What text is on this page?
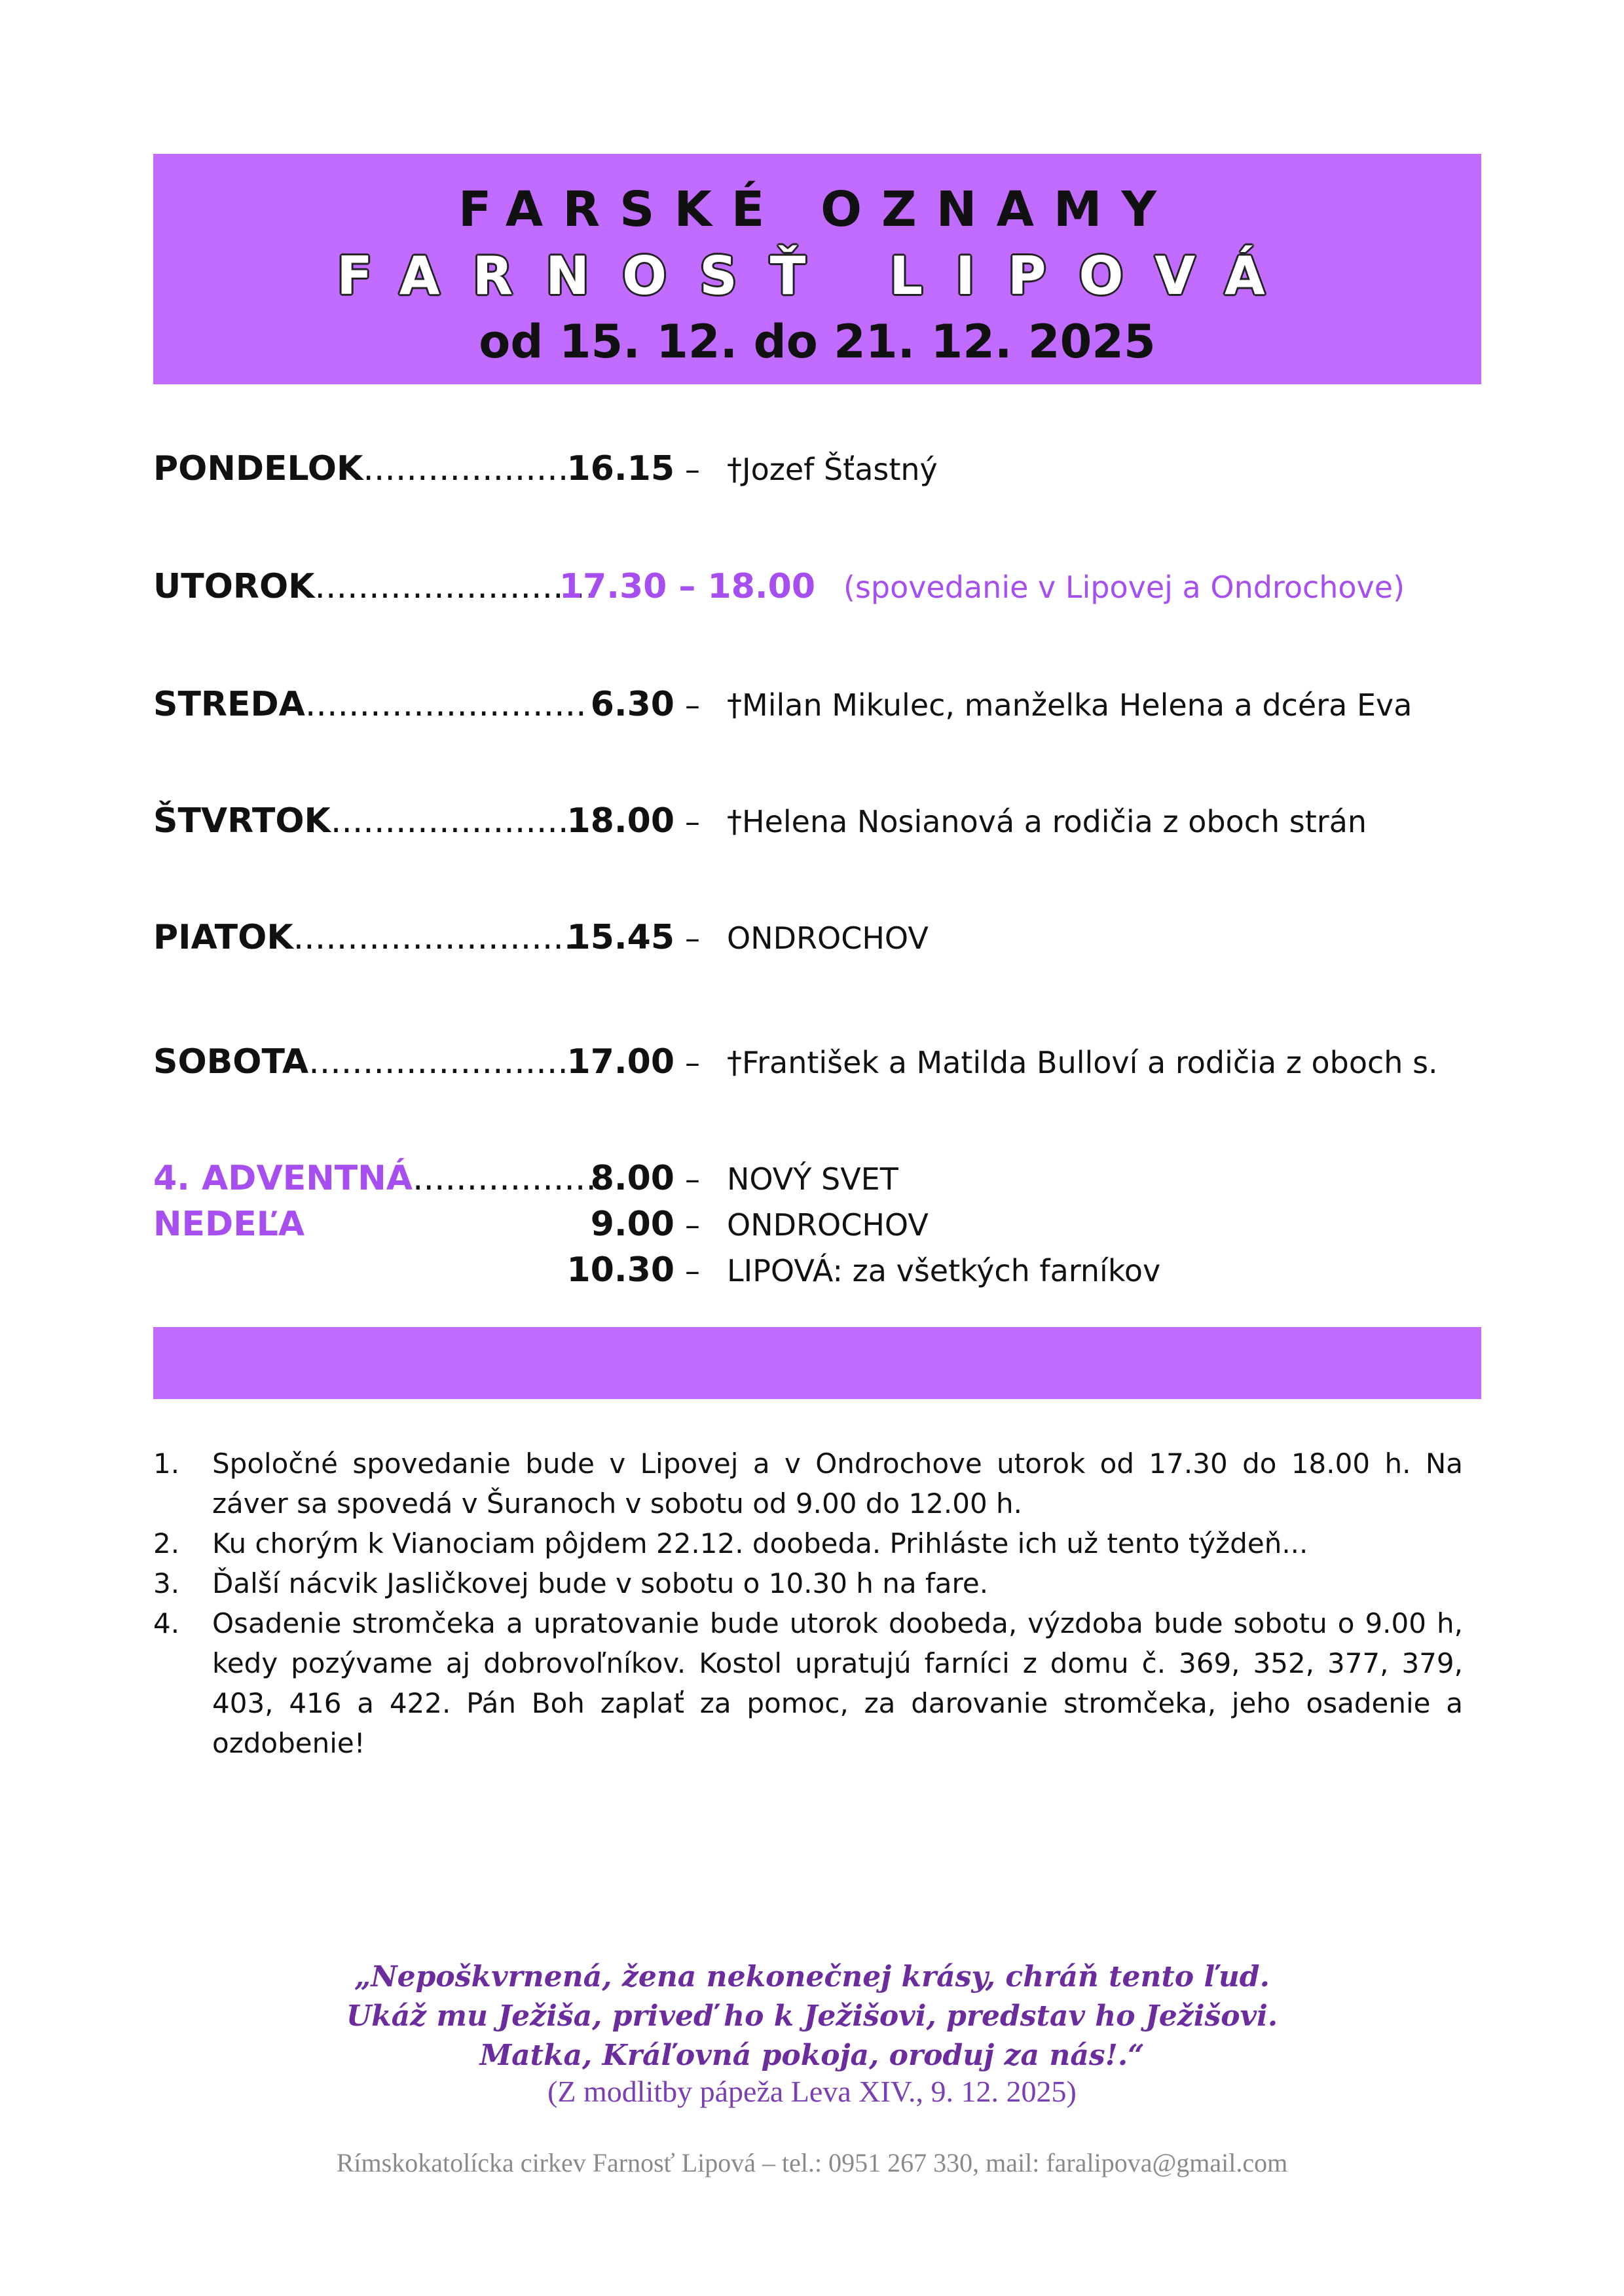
FARSKÉ OZNAMY
FARNOSŤ LIPOVÁ
od 15. 12. do 21. 12. 2025
PONDELOK.....................
16.15 – †Jozef Šťastný
UTOROK..........................
17.30 – 18.00 (spovedanie v Lipovej a Ondrochove)
STREDA.......................... 6.30 – †Milan Mikulec, manželka Helena a dcéra Eva
ŠTVRTOK........................
18.00 – †Helena Nosianová a rodičia z oboch strán
PIATOK...........................
15.45 – ONDROCHOV
SOBOTA..........................
17.00 – †František a Matilda Bulloví a rodičia z oboch s.
4. ADVENTNÁ.................
NEDEĽA
8.00 – NOVÝ SVET
9.00 – ONDROCHOV
10.30 – LIPOVÁ: za všetkých farníkov
1. Spoločné spovedanie bude v Lipovej a v Ondrochove utorok od 17.30 do 18.00 h. Na záver sa spovedá v Šuranoch v sobotu od 9.00 do 12.00 h.
2. Ku chorým k Vianociam pôjdem 22.12. doobeda. Prihláste ich už tento týždeň...
3. Ďalší nácvik Jasličkovej bude v sobotu o 10.30 h na fare.
4. Osadenie stromčeka a upratovanie bude utorok doobeda, výzdoba bude sobotu o 9.00 h, kedy pozývame aj dobrovoľníkov. Kostol upratujú farníci z domu č. 369, 352, 377, 379, 403, 416 a 422. Pán Boh zaplať za pomoc, za darovanie stromčeka, jeho osadenie a ozdobenie!
„Nepoškvrnená, žena nekonečnej krásy, chráň tento ľud.
Ukáž mu Ježiša, priveď ho k Ježišovi, predstav ho Ježišovi.
Matka, Kráľovná pokoja, oroduj za nás!.“
(Z modlitby pápeža Leva XIV., 9. 12. 2025)
Rímskokatolícka cirkev Farnosť Lipová – tel.: 0951 267 330, mail: faralipova@gmail.com
